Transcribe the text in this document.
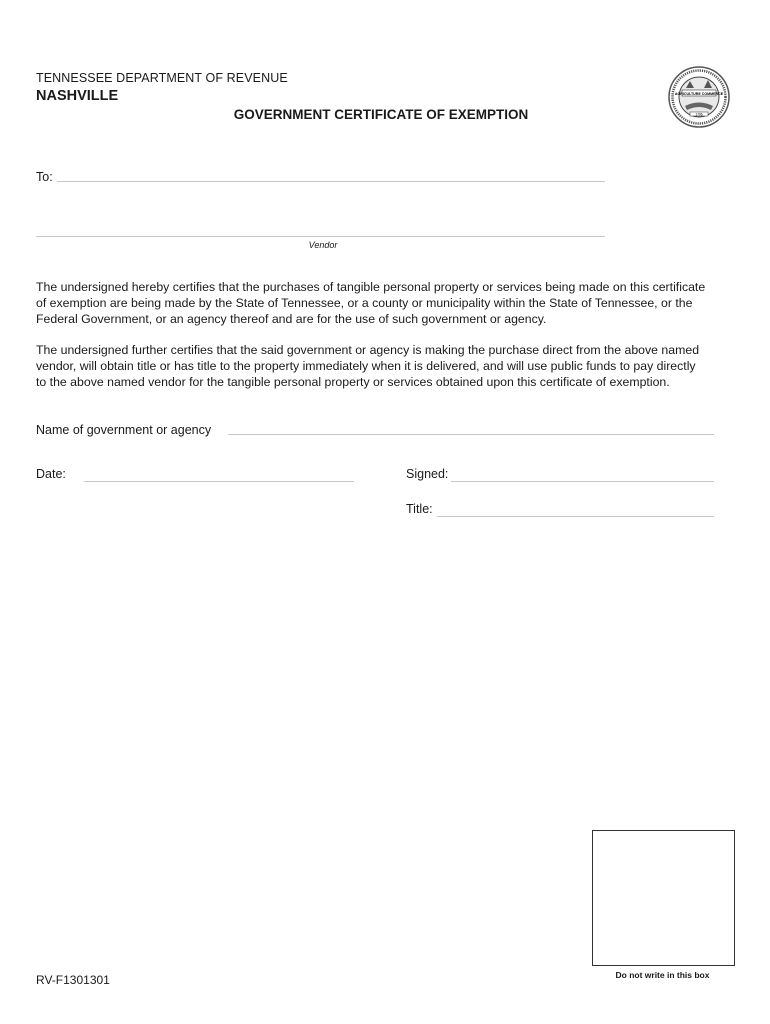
TENNESSEE DEPARTMENT OF REVENUE
NASHVILLE
GOVERNMENT CERTIFICATE OF EXEMPTION
AGRICULTURE COMMERCE
1796
To:
Vendor
The undersigned hereby certifies that the purchases of tangible personal property or services being made on this certificate
of exemption are being made by the State of Tennessee, or a county or municipality within the State of Tennessee, or the
Federal Government, or an agency thereof and are for the use of such government or agency.
The undersigned further certifies that the said government or agency is making the purchase direct from the above named
vendor, will obtain title or has title to the property immediately when it is delivered, and will use public funds to pay directly
to the above named vendor for the tangible personal property or services obtained upon this certificate of exemption.
Name of government or agency
Date:	Signed:
Title:
Do not write in this box
RV-F1301301
